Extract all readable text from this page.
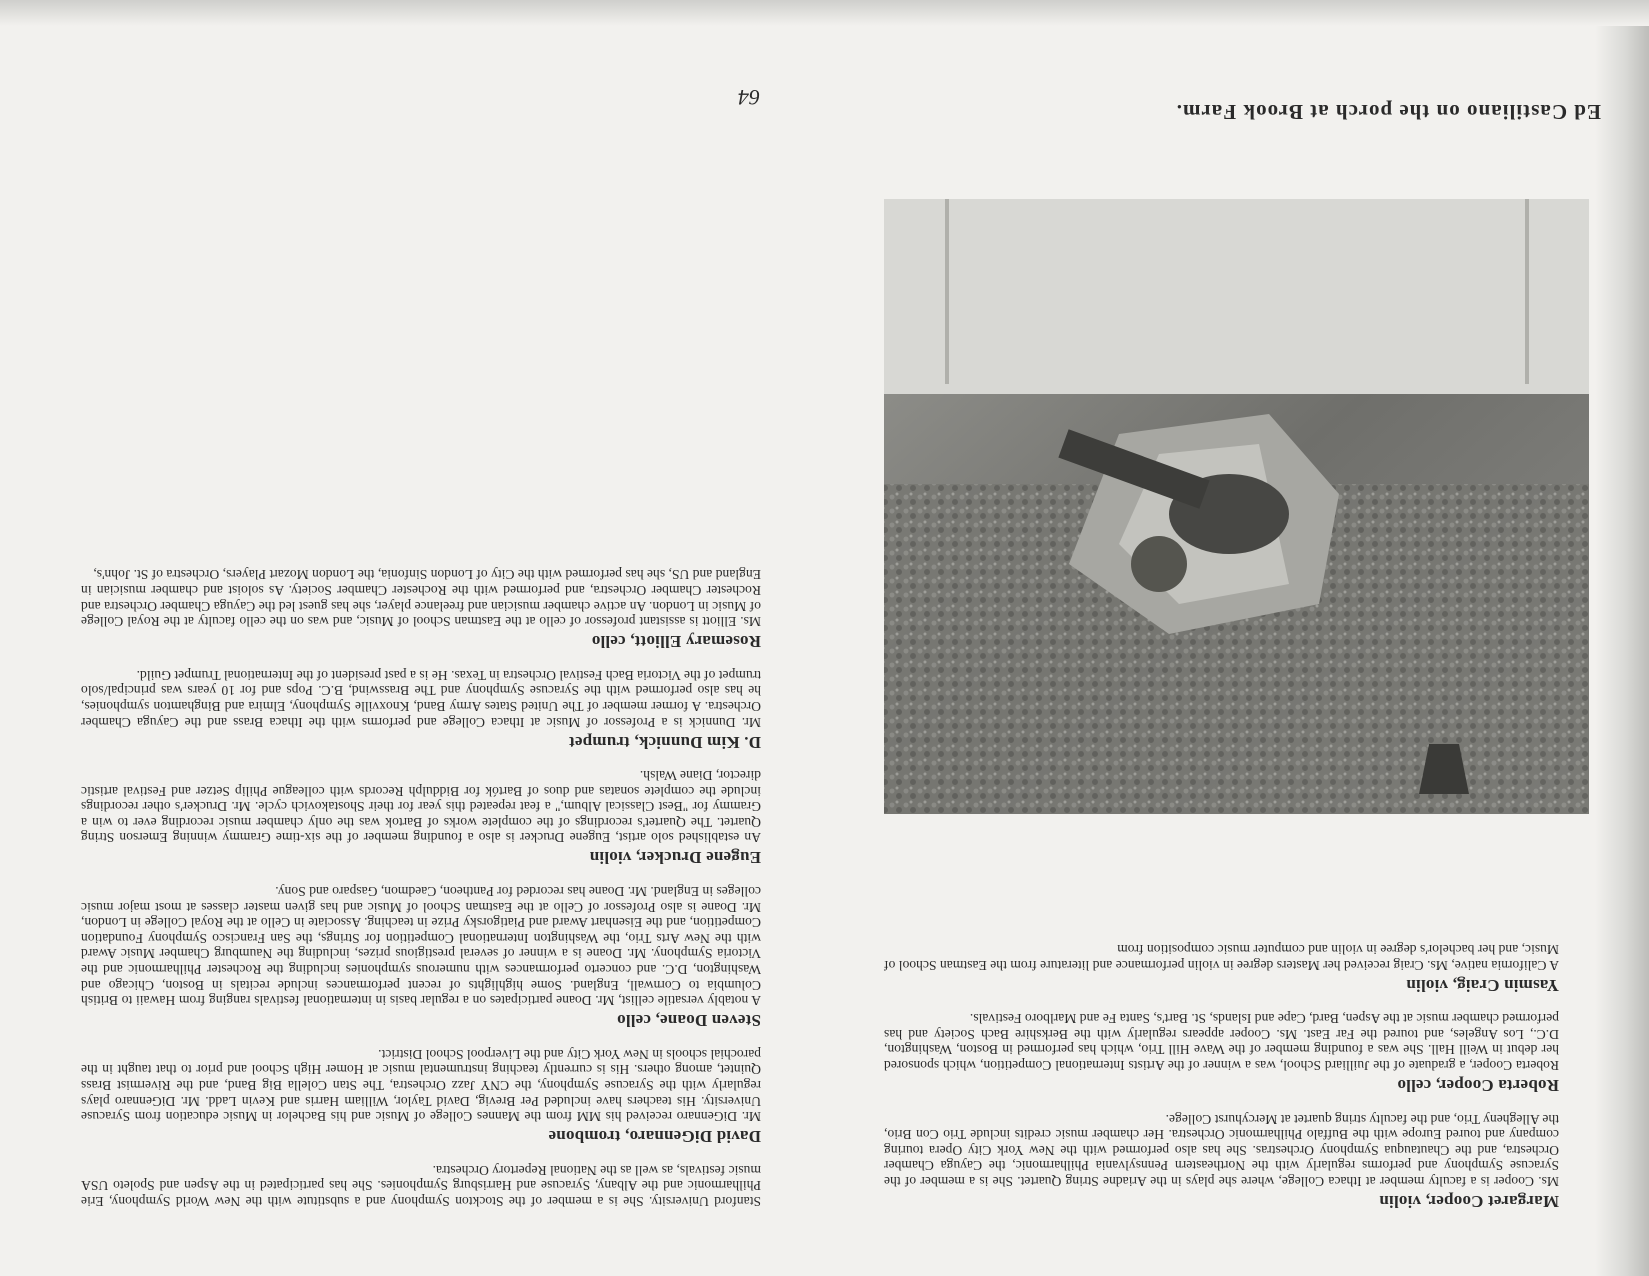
Margaret Cooper, violin

Ms. Cooper is a faculty member at Ithaca College, where she plays in the Ariadne String Quartet. She is a member of the Syracuse Symphony and performs regularly with the Northeastern Pennsylvania Philharmonic, the Cayuga Chamber Orchestra, and the Chautauqua Symphony Orchestras. She has also performed with the New York City Opera touring company and toured Europe with the Buffalo Philharmonic Orchestra. Her chamber music credits include Trio Con Brio, the Allegheny Trio, and the faculty string quartet at Mercyhurst College.

Roberta Cooper, cello

Roberta Cooper, a graduate of the Juilliard School, was a winner of the Artists International Competition, which sponsored her debut in Weill Hall. She was a founding member of the Wave Hill Trio, which has performed in Boston, Washington, D.C., Los Angeles, and toured the Far East. Ms. Cooper appears regularly with the Berkshire Bach Society and has performed chamber music at the Aspen, Bard, Cape and Islands, St. Bart's, Santa Fe and Marlboro Festivals.

Yasmin Craig, violin

A California native, Ms. Craig received her Masters degree in violin performance and literature from the Eastman School of Music, and her bachelor's degree in violin and computer music composition from

Ed Castiliano on the porch at Brook Farm.
64

Stanford University. She is a member of the Stockton Symphony and a substitute with the New World Symphony, Erie Philharmonic and the Albany, Syracuse and Harrisburg Symphonies. She has participated in the Aspen and Spoleto USA music festivals, as well as the National Repertory Orchestra.

David DiGennaro, trombone

Mr. DiGennaro received his MM from the Mannes College of Music and his Bachelor in Music education from Syracuse University. His teachers have included Per Brevig, David Taylor, William Harris and Kevin Ladd. Mr. DiGennaro plays regularly with the Syracuse Symphony, the CNY Jazz Orchestra, The Stan Colella Big Band, and the Rivermist Brass Quintet, among others. His is currently teaching instrumental music at Homer High School and prior to that taught in the parochial schools in New York City and the Liverpool School District.

Steven Doane, cello

A notably versatile cellist, Mr. Doane participates on a regular basis in international festivals ranging from Hawaii to British Columbia to Cornwall, England. Some highlights of recent performances include recitals in Boston, Chicago and Washington, D.C. and concerto performances with numerous symphonies including the Rochester Philharmonic and the Victoria Symphony. Mr. Doane is a winner of several prestigious prizes, including the Naumburg Chamber Music Award with the New Arts Trio, the Washington International Competition for Strings, the San Francisco Symphony Foundation Competition, and the Eisenhart Award and Piatigorsky Prize in teaching. Associate in Cello at the Royal College in London, Mr. Doane is also Professor of Cello at the Eastman School of Music and has given master classes at most major music colleges in England. Mr. Doane has recorded for Pantheon, Caedmon, Gasparo and Sony.

Eugene Drucker, violin

An established solo artist, Eugene Drucker is also a founding member of the six-time Grammy winning Emerson String Quartet. The Quartet's recordings of the complete works of Bartok was the only chamber music recording ever to win a Grammy for "Best Classical Album," a feat repeated this year for their Shostakovich cycle. Mr. Drucker's other recordings include the complete sonatas and duos of Bartók for Biddulph Records with colleague Philip Setzer and Festival artistic director, Diane Walsh.

D. Kim Dunnick, trumpet

Mr. Dunnick is a Professor of Music at Ithaca College and performs with the Ithaca Brass and the Cayuga Chamber Orchestra. A former member of The United States Army Band, Knoxville Symphony, Elmira and Binghamton symphonies, he has also performed with the Syracuse Symphony and The Brasswind, B.C. Pops and for 10 years was principal/solo trumpet of the Victoria Bach Festival Orchestra in Texas. He is a past president of the International Trumpet Guild.

Rosemary Elliott, cello

Ms. Elliott is assistant professor of cello at the Eastman School of Music, and was on the cello faculty at the Royal College of Music in London. An active chamber musician and freelance player, she has guest led the Cayuga Chamber Orchestra and Rochester Chamber Orchestra, and performed with the Rochester Chamber Society. As soloist and chamber musician in England and US, she has performed with the City of London Sinfonia, the London Mozart Players, Orchestra of St. John's,
